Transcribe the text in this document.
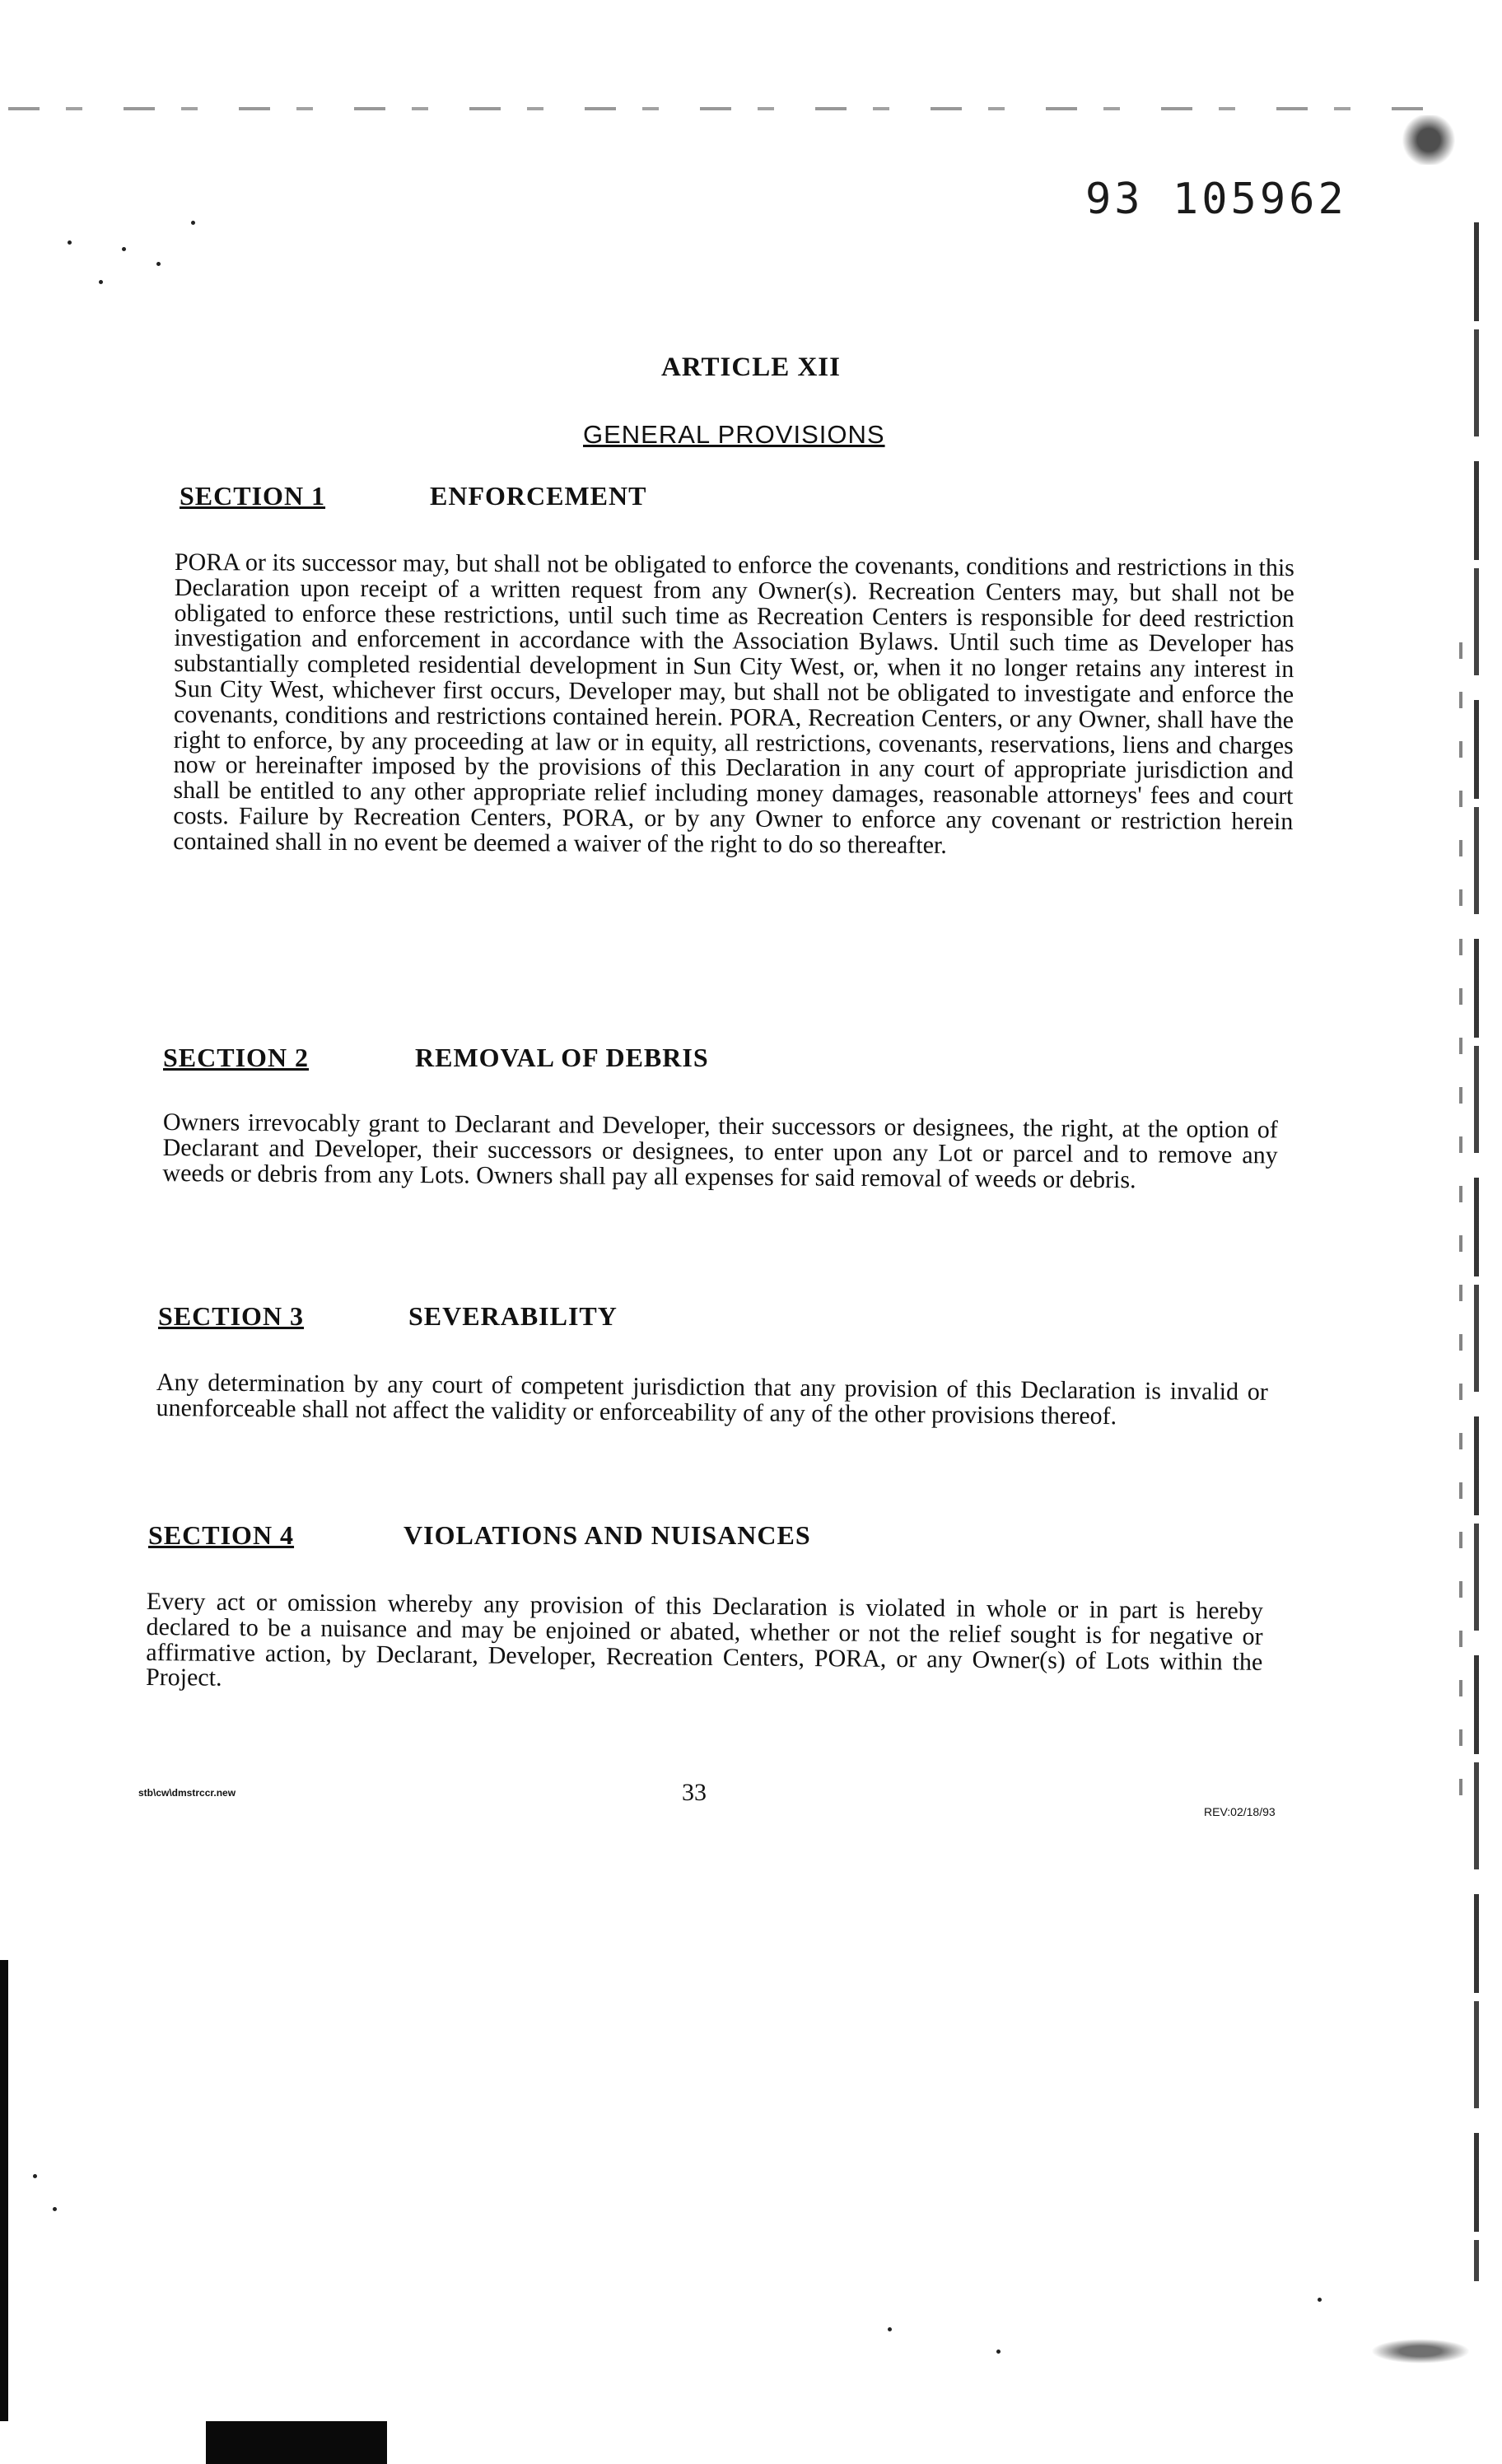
93 105962
ARTICLE XII
GENERAL PROVISIONS
SECTION 1	ENFORCEMENT
PORA or its successor may, but shall not be obligated to enforce the covenants, conditions and restrictions in this Declaration upon receipt of a written request from any Owner(s). Recreation Centers may, but shall not be obligated to enforce these restrictions, until such time as Recreation Centers is responsible for deed restriction investigation and enforcement in accordance with the Association Bylaws. Until such time as Developer has substantially completed residential development in Sun City West, or, when it no longer retains any interest in Sun City West, whichever first occurs, Developer may, but shall not be obligated to investigate and enforce the covenants, conditions and restrictions contained herein. PORA, Recreation Centers, or any Owner, shall have the right to enforce, by any proceeding at law or in equity, all restrictions, covenants, reservations, liens and charges now or hereinafter imposed by the provisions of this Declaration in any court of appropriate jurisdiction and shall be entitled to any other appropriate relief including money damages, reasonable attorneys' fees and court costs. Failure by Recreation Centers, PORA, or by any Owner to enforce any covenant or restriction herein contained shall in no event be deemed a waiver of the right to do so thereafter.
SECTION 2	REMOVAL OF DEBRIS
Owners irrevocably grant to Declarant and Developer, their successors or designees, the right, at the option of Declarant and Developer, their successors or designees, to enter upon any Lot or parcel and to remove any weeds or debris from any Lots. Owners shall pay all expenses for said removal of weeds or debris.
SECTION 3	SEVERABILITY
Any determination by any court of competent jurisdiction that any provision of this Declaration is invalid or unenforceable shall not affect the validity or enforceability of any of the other provisions thereof.
SECTION 4	VIOLATIONS AND NUISANCES
Every act or omission whereby any provision of this Declaration is violated in whole or in part is hereby declared to be a nuisance and may be enjoined or abated, whether or not the relief sought is for negative or affirmative action, by Declarant, Developer, Recreation Centers, PORA, or any Owner(s) of Lots within the Project.
stb\cw\dmstrccr.new	33
REV:02/18/93
